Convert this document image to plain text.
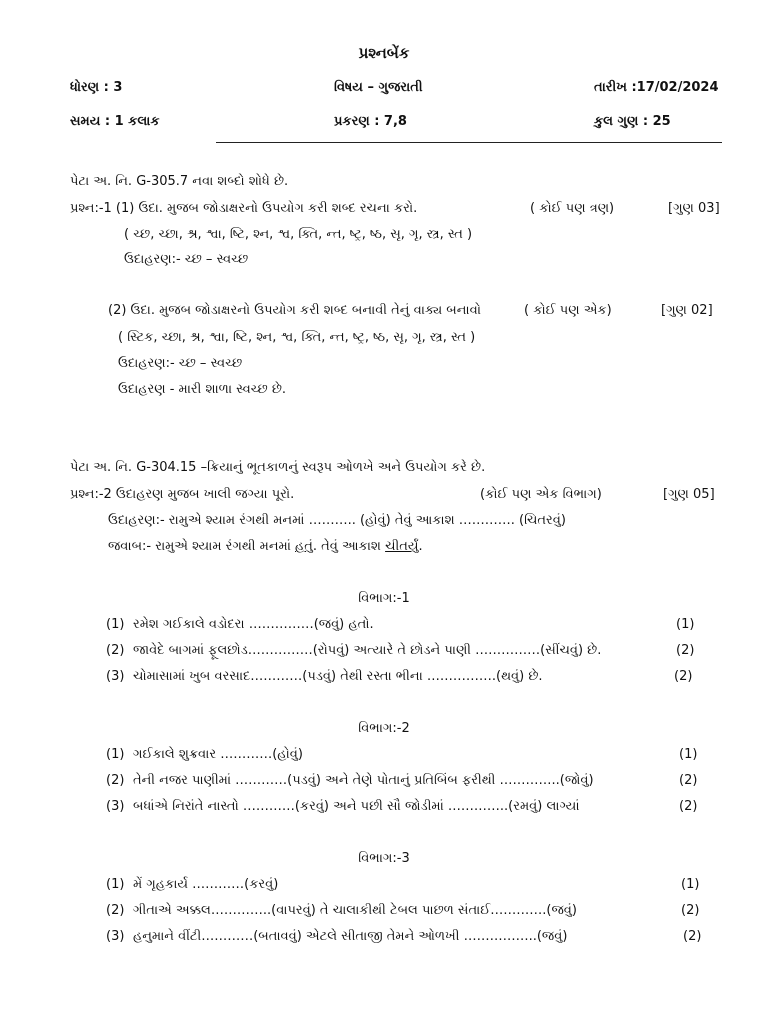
પ્રશ્નબેંક
ધોરણ : 3	વિષય – ગુજરાતી	તારીખ :17/02/2024
સમય : 1 કલાક	પ્રકરણ : 7,8	કુલ ગુણ : 25
પેટા અ. નિ. G-305.7 નવા શબ્દો શોધે છે.
પ્રશ્ન:-1 (1) ઉદા. મુજબ જોડાક્ષરનો ઉપયોગ કરી શબ્દ રચના કરો.	( કોઈ પણ ત્રણ)	[ગુણ 03]
( ચ્છ, ચ્છા, શ્ર, શ્વા, ષ્ટિ, શ્ન, શ્વ, ક્તિ, ન્ત, ષ્ટ્ર, ષ્ઠ, સૃ, ગૃ, સ્ત્ર, સ્ત )
ઉદાહરણ:- ચ્છ – સ્વચ્છ
(2) ઉદા. મુજબ જોડાક્ષરનો ઉપયોગ કરી શબ્દ બનાવી તેનું વાક્ય બનાવો	( કોઈ પણ એક)	[ગુણ 02]
( સ્ટિક, ચ્છા, શ્ર, શ્વા, ષ્ટિ, શ્ન, શ્વ, ક્તિ, ન્ત, ષ્ટ્ર, ષ્ઠ, સૃ, ગૃ, સ્ત્ર, સ્ત )
ઉદાહરણ:- ચ્છ – સ્વચ્છ
ઉદાહરણ - મારી શાળા સ્વચ્છ છે.
પેટા અ. નિ. G-304.15 –ક્રિયાનું ભૂતકાળનું સ્વરૂપ ઓળખે અને ઉપયોગ કરે છે.
પ્રશ્ન:-2 ઉદાહરણ મુજબ ખાલી જગ્યા પૂરો.	(કોઈ પણ એક વિભાગ)	[ગુણ 05]
ઉદાહરણ:- રામુએ શ્યામ રંગથી મનમાં ……….. (હોવું) તેવું આકાશ …………. (ચિતરવું)
જવાબ:- રામુએ શ્યામ રંગથી મનમાં હતું. તેવું આકાશ ચીતર્યું.
વિભાગ:-1
(1) રમેશ ગઈકાલે વડોદરા ……………(જવું) હતો.	(1)
(2) જાવેદે બાગમાં ફૂલછોડ……………(રોપવું) અત્યારે તે છોડને પાણી ……………(સીંચવું) છે.	(2)
(3) ચોમાસામાં ખુબ વરસાદ…………(પડવું) તેથી રસ્તા ભીના …………….(થવું) છે.	(2)
વિભાગ:-2
(1) ગઈકાલે શુક્રવાર …………(હોવું)	(1)
(2) તેની નજર પાણીમાં …………(પડવું) અને તેણે પોતાનું પ્રતિબિંબ ફરીથી …………..(જોવું)	(2)
(3) બધાંએ નિરાંતે નાસ્તો …………(કરવું) અને પછી સૌ જોડીમાં …………..(રમવું) લાગ્યાં	(2)
વિભાગ:-3
(1) મેં ગૃહકાર્ય …………(કરવું)	(1)
(2) ગીતાએ અક્કલ…………..(વાપરવું) તે ચાલાકીથી ટેબલ પાછળ સંતાઈ………….(જવું)	(2)
(3) હનુમાને વીંટી…………(બતાવવું) એટલે સીતાજી તેમને ઓળખી ……………..(જવું)	(2)
